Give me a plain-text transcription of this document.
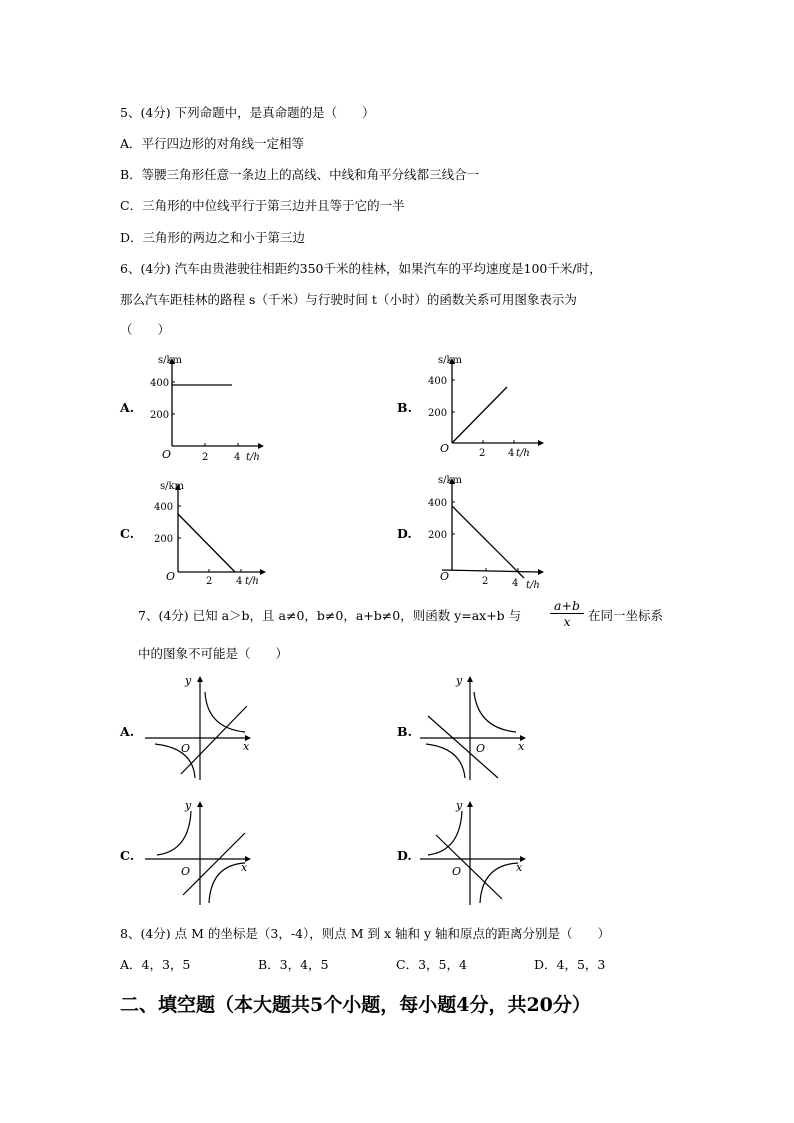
5、(4分) 下列命题中，是真命题的是（　　）
A．平行四边形的对角线一定相等
B．等腰三角形任意一条边上的高线、中线和角平分线都三线合一
C．三角形的中位线平行于第三边并且等于它的一半
D．三角形的两边之和小于第三边
6、(4分) 汽车由贵港驶往相距约350千米的桂林，如果汽车的平均速度是100千米/时，
那么汽车距桂林的路程 s（千米）与行驶时间 t（小时）的函数关系可用图象表示为
（　　）
A.	B.
C.	D.
s/km
200
400
O	2	4 t/h
s/km
200
400
O	2 4 t/h
s/km
200
400
O	2 4 t/h
s/km
200
400
O	2 4 t/h
7、(4分) 已知 a＞b，且 a≠0，b≠0，a+b≠0，则函数 y=ax+b 与 $\frac{a+b}{x}$ 在同一坐标系
中的图象不可能是（　　）
A.	B.
C.	D.
y
O	x
y
O	x
y
O	x
y
O	x
8、(4分) 点 M 的坐标是（3，-4），则点 M 到 x 轴和 y 轴和原点的距离分别是（　　）
A．4，3，5	B．3，4，5	C．3，5，4	D．4，5，3
二、填空题（本大题共5个小题，每小题4分，共20分）
